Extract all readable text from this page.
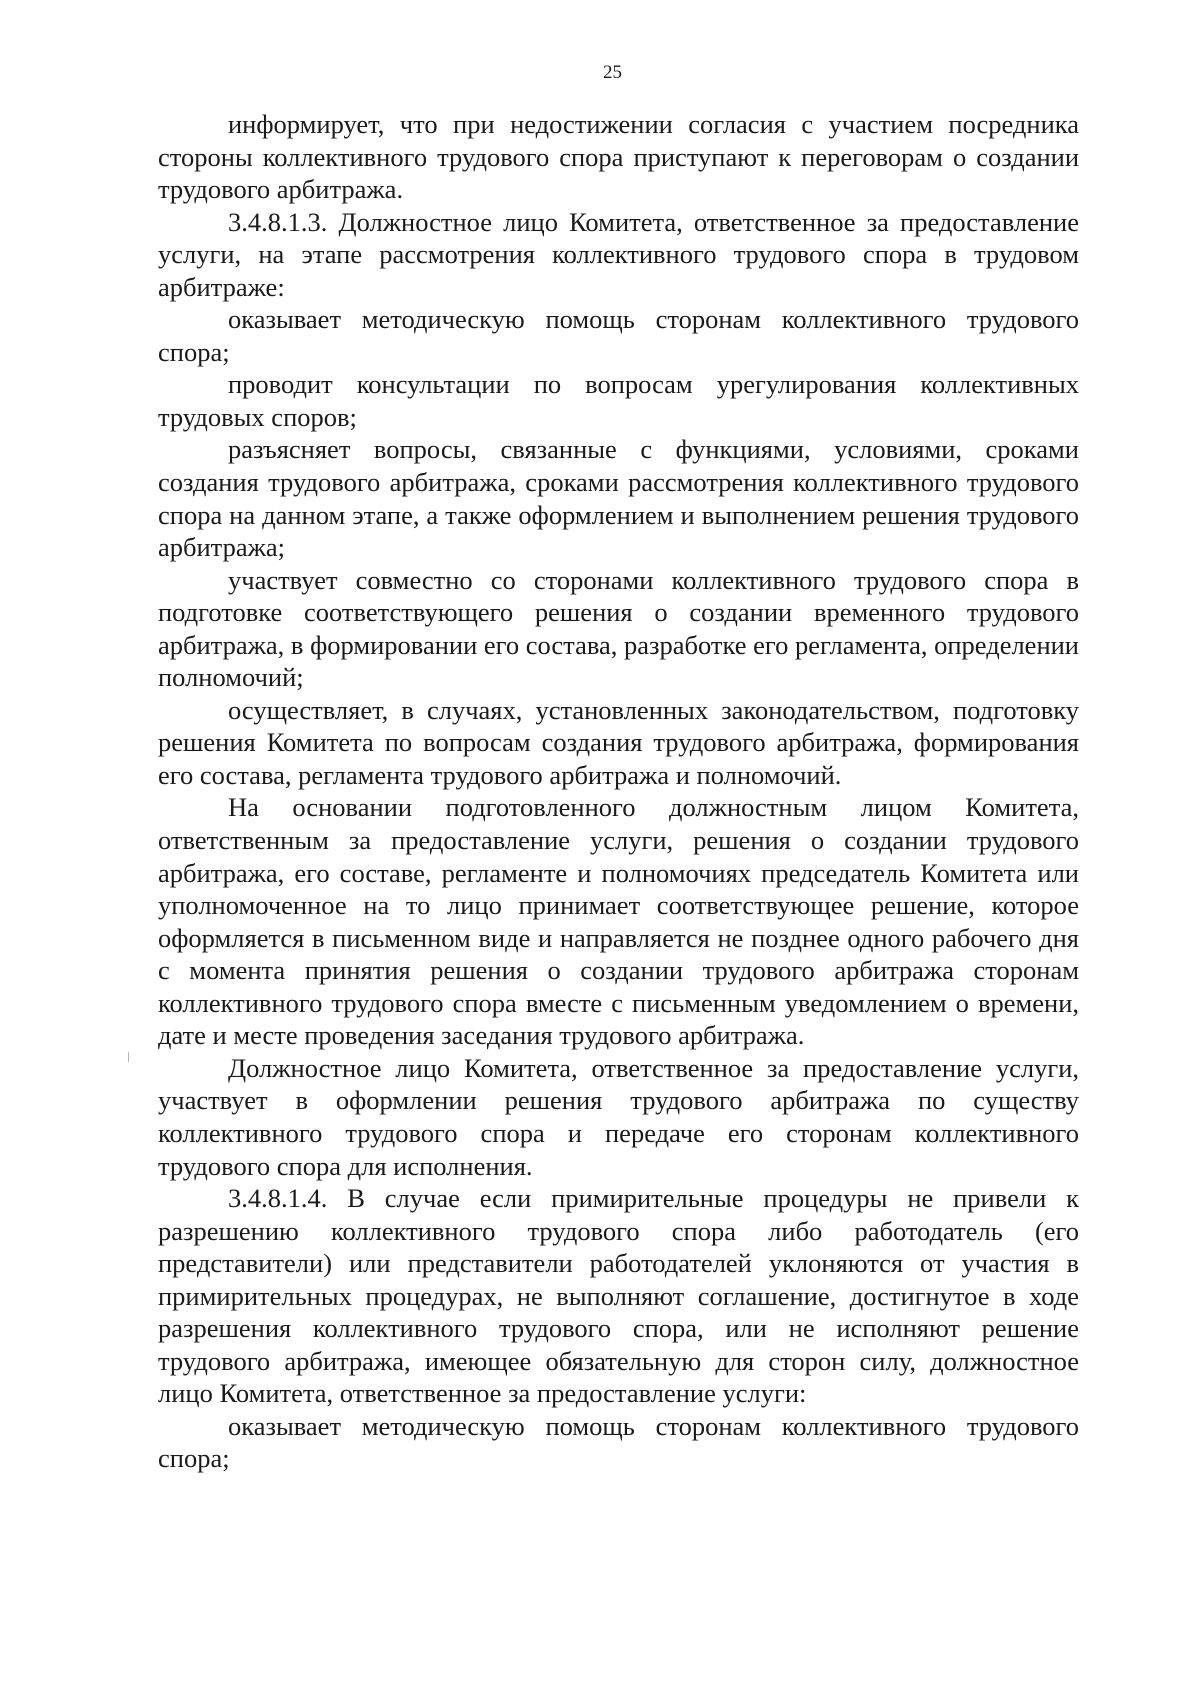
25

информирует, что при недостижении согласия с участием посредника стороны коллективного трудового спора приступают к переговорам о создании трудового арбитража.

3.4.8.1.3. Должностное лицо Комитета, ответственное за предоставление услуги, на этапе рассмотрения коллективного трудового спора в трудовом арбитраже:

оказывает методическую помощь сторонам коллективного трудового спора;

проводит консультации по вопросам урегулирования коллективных трудовых споров;

разъясняет вопросы, связанные с функциями, условиями, сроками создания трудового арбитража, сроками рассмотрения коллективного трудового спора на данном этапе, а также оформлением и выполнением решения трудового арбитража;

участвует совместно со сторонами коллективного трудового спора в подготовке соответствующего решения о создании временного трудового арбитража, в формировании его состава, разработке его регламента, определении полномочий;

осуществляет, в случаях, установленных законодательством, подготовку решения Комитета по вопросам создания трудового арбитража, формирования его состава, регламента трудового арбитража и полномочий.

На основании подготовленного должностным лицом Комитета, ответственным за предоставление услуги, решения о создании трудового арбитража, его составе, регламенте и полномочиях председатель Комитета или уполномоченное на то лицо принимает соответствующее решение, которое оформляется в письменном виде и направляется не позднее одного рабочего дня с момента принятия решения о создании трудового арбитража сторонам коллективного трудового спора вместе с письменным уведомлением о времени, дате и месте проведения заседания трудового арбитража.

Должностное лицо Комитета, ответственное за предоставление услуги, участвует в оформлении решения трудового арбитража по существу коллективного трудового спора и передаче его сторонам коллективного трудового спора для исполнения.

3.4.8.1.4. В случае если примирительные процедуры не привели к разрешению коллективного трудового спора либо работодатель (его представители) или представители работодателей уклоняются от участия в примирительных процедурах, не выполняют соглашение, достигнутое в ходе разрешения коллективного трудового спора, или не исполняют решение трудового арбитража, имеющее обязательную для сторон силу, должностное лицо Комитета, ответственное за предоставление услуги:

оказывает методическую помощь сторонам коллективного трудового спора;
